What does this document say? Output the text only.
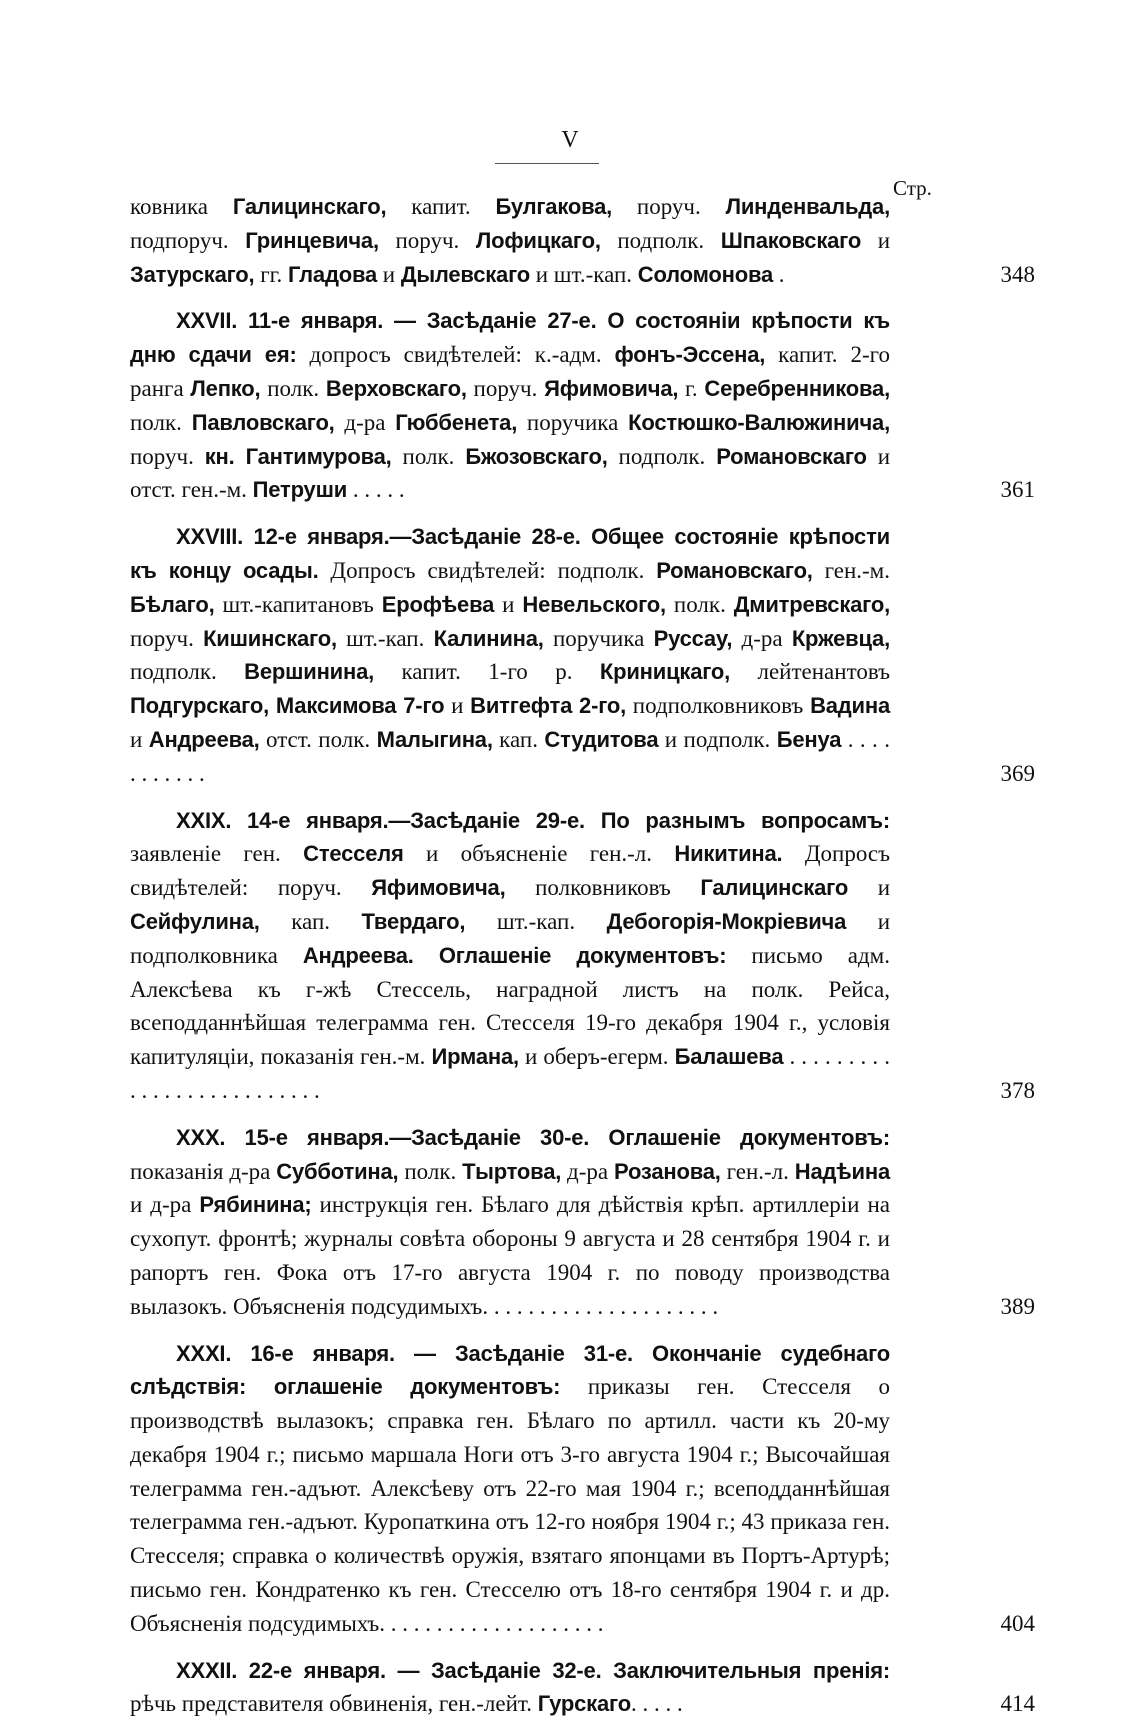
V
Стр.
ковника Галицинскаго, капит. Булгакова, поруч. Линденвальда, подпоруч. Гринцевича, поруч. Лофицкаго, подполк. Шпаковскаго и Затурскаго, гг. Гладова и Дылевскаго и шт.-кап. Соломонова .	348
XXVII. 11-е января. — Засѣданіе 27-е. О состояніи крѣпости къ дню сдачи ея: допросъ свидѣтелей: к.-адм. фонъ-Эссена, капит. 2-го ранга Лепко, полк. Верховскаго, поруч. Яфимовича, г. Серебренникова, полк. Павловскаго, д-ра Гюббенета, поручика Костюшко-Валюжинича, поруч. кн. Гантимурова, полк. Бжозовскаго, подполк. Романовскаго и отст. ген.-м. Петруши . . . . .	361
XXVIII. 12-е января.—Засѣданіе 28-е. Общее состояніе крѣпости къ концу осады. Допросъ свидѣтелей: подполк. Романовскаго, ген.-м. Бѣлаго, шт.-капитановъ Ерофѣева и Невельского, полк. Дмитревскаго, поруч. Кишинскаго, шт.-кап. Калинина, поручика Руссау, д-ра Кржевца, подполк. Вершинина, капит. 1-го р. Криницкаго, лейтенантовъ Подгурскаго, Максимова 7-го и Витгефта 2-го, подполковниковъ Вадина и Андреева, отст. полк. Малыгина, кап. Студитова и подполк. Бенуа . . . . . . . . . . .	369
XXIX. 14-е января.—Засѣданіе 29-е. По разнымъ вопросамъ: заявленіе ген. Стесселя и объясненіе ген.-л. Никитина. Допросъ свидѣтелей: поруч. Яфимовича, полковниковъ Галицинскаго и Сейфулина, кап. Твердаго, шт.-кап. Дебогорія-Мокріевича и подполковника Андреева. Оглашеніе документовъ: письмо адм. Алексѣева къ г-жѣ Стессель, наградной листъ на полк. Рейса, всеподданнѣйшая телеграмма ген. Стесселя 19-го декабря 1904 г., условія капитуляціи, показанія ген.-м. Ирмана, и оберъ-егерм. Балашева . . . . . . . . . . . . . . . . . . . . . . . . . .	378
XXX. 15-е января.—Засѣданіе 30-е. Оглашеніе документовъ: показанія д-ра Субботина, полк. Тыртова, д-ра Розанова, ген.-л. Надѣина и д-ра Рябинина; инструкція ген. Бѣлаго для дѣйствія крѣп. артиллеріи на сухопут. фронтѣ; журналы совѣта обороны 9 августа и 28 сентября 1904 г. и рапортъ ген. Фока отъ 17-го августа 1904 г. по поводу производства вылазокъ. Объясненія подсудимыхъ. . . . . . . . . . . . . . . . . . . . .	389
XXXI. 16-е января. — Засѣданіе 31-е. Окончаніе судебнаго слѣдствія: оглашеніе документовъ: приказы ген. Стесселя о производствѣ вылазокъ; справка ген. Бѣлаго по артилл. части къ 20-му декабря 1904 г.; письмо маршала Ноги отъ 3-го августа 1904 г.; Высочайшая телеграмма ген.-адъют. Алексѣеву отъ 22-го мая 1904 г.; всеподданнѣйшая телеграмма ген.-адъют. Куропаткина отъ 12-го ноября 1904 г.; 43 приказа ген. Стесселя; справка о количествѣ оружія, взятаго японцами въ Портъ-Артурѣ; письмо ген. Кондратенко къ ген. Стесселю отъ 18-го сентября 1904 г. и др. Объясненія подсудимыхъ. . . . . . . . . . . . . . . . . . . .	404
XXXII. 22-е января. — Засѣданіе 32-е. Заключительныя пренія: рѣчь представителя обвиненія, ген.-лейт. Гурскаго. . . . .	414
